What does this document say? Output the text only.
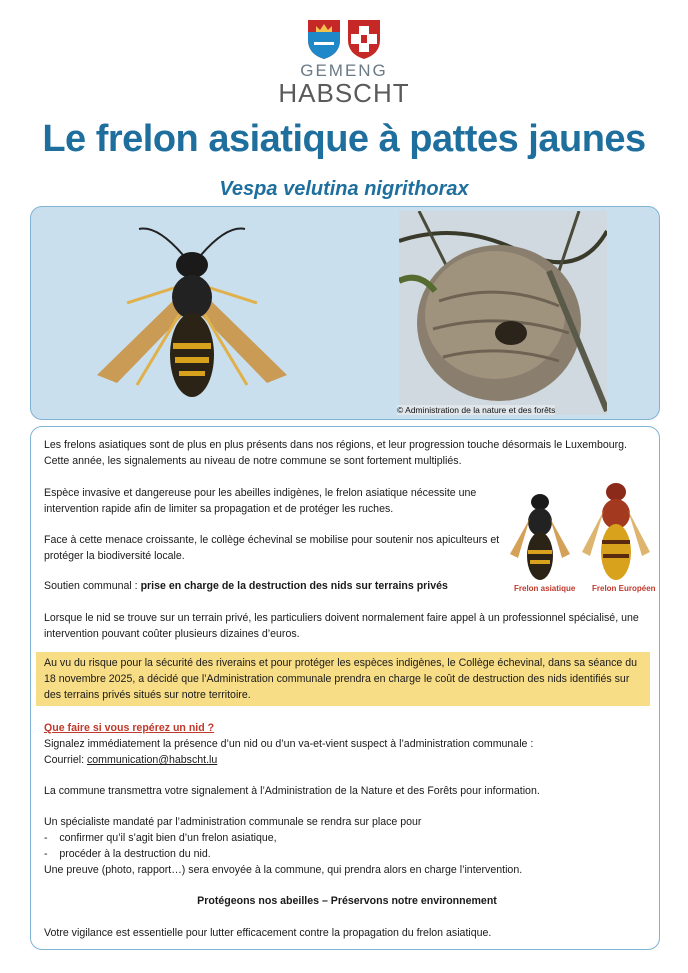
GEMENG
HABSCHT
Le frelon asiatique à pattes jaunes
Vespa velutina nigrithorax
© Administration de la nature et des forêts
Les frelons asiatiques sont de plus en plus présents dans nos régions, et leur progression touche désormais le Luxembourg. Cette année, les signalements au niveau de notre commune se sont fortement multipliés.
Espèce invasive et dangereuse pour les abeilles indigènes, le frelon asiatique nécessite une intervention rapide afin de limiter sa propagation et de protéger les ruches.
Face à cette menace croissante, le collège échevinal se mobilise pour soutenir nos apiculteurs et protéger la biodiversité locale.
Soutien communal : prise en charge de la destruction des nids sur terrains privés	Frelon asiatique Frelon Européen
Lorsque le nid se trouve sur un terrain privé, les particuliers doivent normalement faire appel à un professionnel spécialisé, une intervention pouvant coûter plusieurs dizaines d’euros.
Au vu du risque pour la sécurité des riverains et pour protéger les espèces indigènes, le Collège échevinal, dans sa séance du 18 novembre 2025, a décidé que l’Administration communale prendra en charge le coût de destruction des nids identifiés sur des terrains privés situés sur notre territoire.
Que faire si vous repérez un nid ?
Signalez immédiatement la présence d’un nid ou d’un va-et-vient suspect à l’administration communale :
Courriel: communication@habscht.lu
La commune transmettra votre signalement à l’Administration de la Nature et des Forêts pour information.
Un spécialiste mandaté par l’administration communale se rendra sur place pour
-    confirmer qu’il s’agit bien d’un frelon asiatique,
-    procéder à la destruction du nid.
Une preuve (photo, rapport…) sera envoyée à la commune, qui prendra alors en charge l’intervention.
Protégeons nos abeilles – Préservons notre environnement
Votre vigilance est essentielle pour lutter efficacement contre la propagation du frelon asiatique.
